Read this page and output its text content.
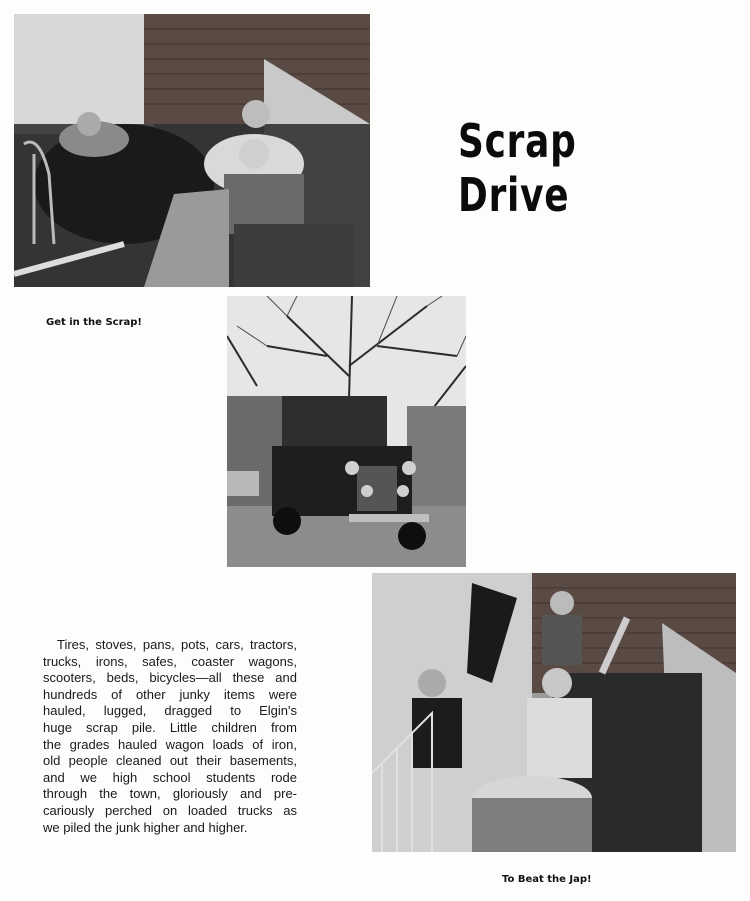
Scrap Drive
Get in the Scrap!
Tires, stoves, pans, pots, cars, tractors,
trucks, irons, safes, coaster wagons,
scooters, beds, bicycles—all these and
hundreds of other junky items were
hauled, lugged, dragged to Elgin's
huge scrap pile. Little children from
the grades hauled wagon loads of iron,
old people cleaned out their basements,
and we high school students rode
through the town, gloriously and pre-
cariously perched on loaded trucks as
we piled the junk higher and higher.
To Beat the Jap!
